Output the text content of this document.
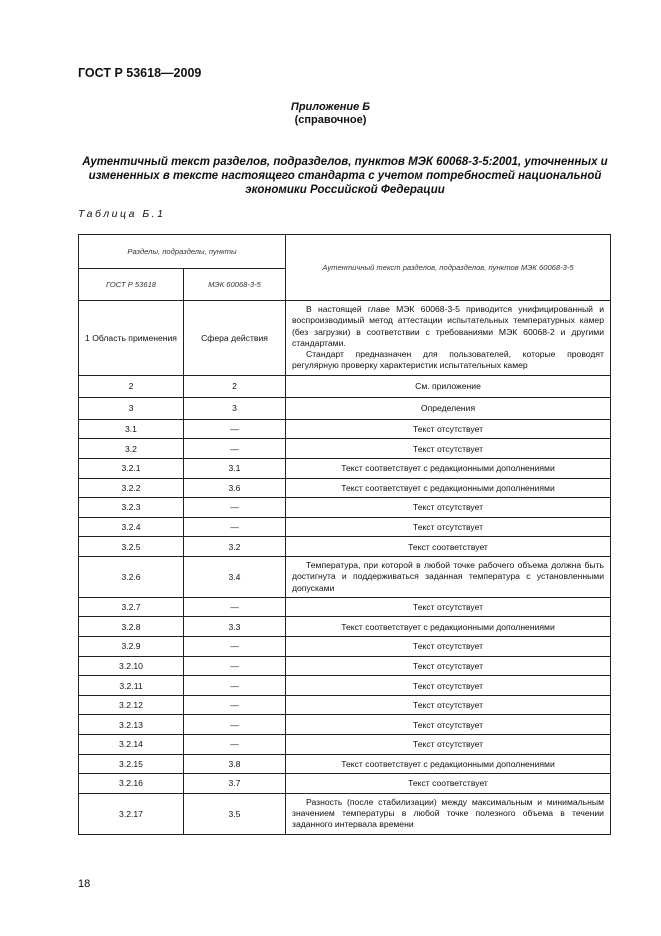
ГОСТ Р 53618—2009
Приложение Б
(справочное)
Аутентичный текст разделов, подразделов, пунктов МЭК 60068-3-5:2001, уточненных и измененных в тексте настоящего стандарта с учетом потребностей национальной экономики Российской Федерации
Таблица Б.1
Разделы, подразделы, пункты		Аутентичный текст разделов, подразделов, пунктов МЭК 60068-3-5
ГОСТ Р 53618	МЭК 60068-3-5	
1 Область применения	Сфера действия	В настоящей главе МЭК 60068-3-5 приводится унифицированный и воспроизводимый метод аттестации испытательных температурных камер (без загрузки) в соответствии с требованиями МЭК 60068-2 и другими стандартами.
Стандарт предназначен для пользователей, которые проводят регулярную проверку характеристик испытательных камер

2	2	См. приложение
3	3	Определения
3.1	—	Текст отсутствует
3.2	—	Текст отсутствует
3.2.1	3.1	Текст соответствует с редакционными дополнениями
3.2.2	3.6	Текст соответствует с редакционными дополнениями
3.2.3	—	Текст отсутствует
3.2.4	—	Текст отсутствует
3.2.5	3.2	Текст соответствует
3.2.6	3.4	Температура, при которой в любой точке рабочего объема должна быть достигнута и поддерживаться заданная температура с установленными допусками

3.2.7	—	Текст отсутствует
3.2.8	3.3	Текст соответствует с редакционными дополнениями
3.2.9	—	Текст отсутствует
3.2.10	—	Текст отсутствует
3.2.11	—	Текст отсутствует
3.2.12	—	Текст отсутствует
3.2.13	—	Текст отсутствует
3.2.14	—	Текст отсутствует
3.2.15	3.8	Текст соответствует с редакционными дополнениями
3.2.16	3.7	Текст соответствует
3.2.17	3.5	Разность (после стабилизации) между максимальным и минимальным значением температуры в любой точке полезного объема в течении заданного интервала времени
18
